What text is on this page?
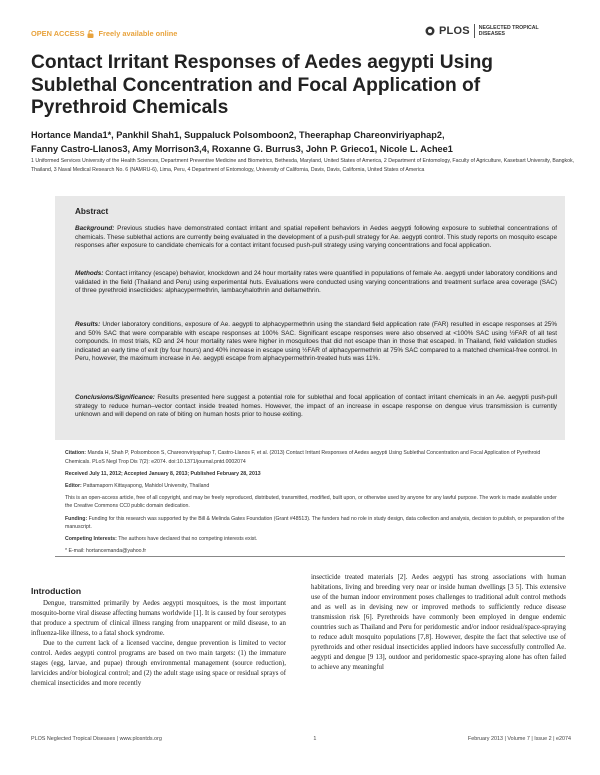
OPEN ACCESS Freely available online	PLOS NEGLECTED TROPICAL DISEASES
Contact Irritant Responses of Aedes aegypti Using Sublethal Concentration and Focal Application of Pyrethroid Chemicals
Hortance Manda1*, Pankhil Shah1, Suppaluck Polsomboon2, Theeraphap Chareonviriyaphap2,
Fanny Castro-Llanos3, Amy Morrison3,4, Roxanne G. Burrus3, John P. Grieco1, Nicole L. Achee1
1 Uniformed Services University of the Health Sciences, Department Preventive Medicine and Biometrics, Bethesda, Maryland, United States of America, 2 Department of Entomology, Faculty of Agriculture, Kasetsart University, Bangkok, Thailand, 3 Naval Medical Research No. 6 (NAMRU-6), Lima, Peru, 4 Department of Entomology, University of California, Davis, Davis, California, United States of America
Abstract
Background: Previous studies have demonstrated contact irritant and spatial repellent behaviors in Aedes aegypti following exposure to sublethal concentrations of chemicals. These sublethal actions are currently being evaluated in the development of a push-pull strategy for Ae. aegypti control. This study reports on mosquito escape responses after exposure to candidate chemicals for a contact irritant focused push-pull strategy using varying concentrations and focal application.
Methods: Contact irritancy (escape) behavior, knockdown and 24 hour mortality rates were quantified in populations of female Ae. aegypti under laboratory conditions and validated in the field (Thailand and Peru) using experimental huts. Evaluations were conducted using varying concentrations and treatment surface area coverage (SAC) of three pyrethroid insecticides: alphacypermethrin, lambacyhalothrin and deltamethrin.
Results: Under laboratory conditions, exposure of Ae. aegypti to alphacypermethrin using the standard field application rate (FAR) resulted in escape responses at 25% and 50% SAC that were comparable with escape responses at 100% SAC. Significant escape responses were also observed at <100% SAC using ½FAR of all test compounds. In most trials, KD and 24 hour mortality rates were higher in mosquitoes that did not escape than in those that escaped. In Thailand, field validation studies indicated an early time of exit (by four hours) and 40% increase in escape using ½FAR of alphacypermethrin at 75% SAC compared to a matched chemical-free control. In Peru, however, the maximum increase in Ae. aegypti escape from alphacypermethrin-treated huts was 11%.
Conclusions/Significance: Results presented here suggest a potential role for sublethal and focal application of contact irritant chemicals in an Ae. aegypti push-pull strategy to reduce human–vector contact inside treated homes. However, the impact of an increase in escape response on dengue virus transmission is currently unknown and will depend on rate of biting on human hosts prior to house exiting.

Citation: Manda H, Shah P, Polsomboon S, Chareonviriyaphap T, Castro-Llanos F, et al. (2013) Contact Irritant Responses of Aedes aegypti Using Sublethal Concentration and Focal Application of Pyrethroid Chemicals. PLoS Negl Trop Dis 7(2): e2074. doi:10.1371/journal.pntd.0002074

Received July 11, 2012; Accepted January 8, 2013; Published February 28, 2013

Editor: Pattamaporn Kittayapong, Mahidol University, Thailand

This is an open-access article, free of all copyright, and may be freely reproduced, distributed, transmitted, modified, built upon, or otherwise used by anyone for any lawful purpose. The work is made available under the Creative Commons CC0 public domain dedication.

Funding: Funding for this research was supported by the Bill & Melinda Gates Foundation (Grant #48513). The funders had no role in study design, data collection and analysis, decision to publish, or preparation of the manuscript.

Competing Interests: The authors have declared that no competing interests exist.

* E-mail: hortancemanda@yahoo.fr

Introduction

Dengue, transmitted primarily by Aedes aegypti mosquitoes, is the most important mosquito-borne viral disease affecting humans worldwide [1]. It is caused by four serotypes that produce a spectrum of clinical illness ranging from unapparent or mild disease, to an influenza-like illness, to a fatal shock syndrome.

Due to the current lack of a licensed vaccine, dengue prevention is limited to vector control. Aedes aegypti control programs are based on two main targets: (1) the immature stages (egg, larvae, and pupae) through environmental management (source reduction), larvicides and/or biological control; and (2) the adult stage using space or residual sprays of chemical insecticides and more recently

insecticide treated materials [2]. Aedes aegypti has strong associations with human habitations, living and breeding very near or inside human dwellings [3 5]. This extensive use of the human indoor environment poses challenges to traditional adult control methods and as well as in devising new or improved methods to sufficiently reduce disease transmission risk [6]. Pyrethroids have commonly been employed in dengue endemic countries such as Thailand and Peru for peridomestic and/or indoor residual/space-spraying to reduce adult mosquito populations [7,8]. However, despite the fact that selective use of pyrethroids and other residual insecticides applied indoors have successfully controlled Ae. aegypti and dengue [9 13], outdoor and peridomestic space-spraying alone has often failed to achieve any meaningful
PLOS Neglected Tropical Diseases | www.plosntds.org	1	February 2013 | Volume 7 | Issue 2 | e2074
